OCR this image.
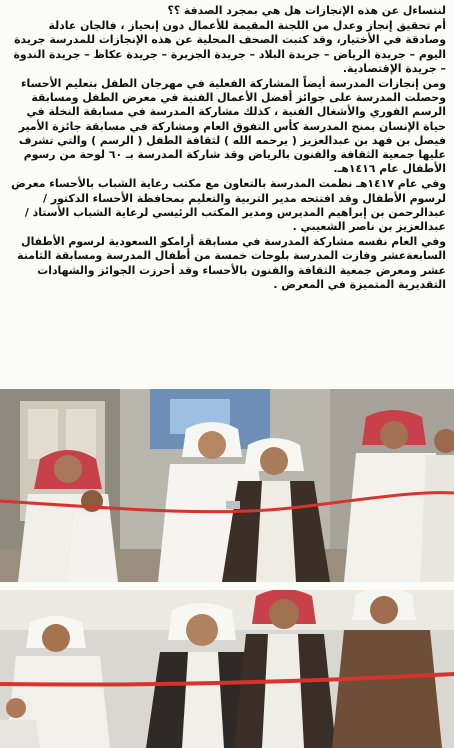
لنتساءل عن هذه الإنجازات هل هي بمجرد الصدفة ؟؟

أم تحقيق إنجاز وعدل من اللجنة المقيمة للأعمال دون إنحياز ، فالجان عادلة وصادقة في الأختيار، وقد كتبت الصحف المحلية عن هذه الإنجازات للمدرسة جريدة اليوم – جريدة الرياض – جريدة البلاد – جريدة الجزيرة – جريدة عكاظ – جريدة الندوة – جريدة الإقتصادية.

ومن إنجازات المدرسة أيضاً المشاركة الفعلية في مهرجان الطفل بتعليم الأحساء وحصلت المدرسة على جوائز أفضل الأعمال الفنية في معرض الطفل ومسابقة الرسم الفوري والأشغال الفنية ، كذلك مشاركة المدرسة في مسابقة النخلة في حياة الإنسان بمنح المدرسة كأس التفوق العام ومشاركة في مسابقة جائزة الأمير فيصل بن فهد بن عبدالعزيز ( يرحمه الله ) لثقافة الطفل ( الرسم ) والتي تشرف عليها جمعية الثقافة والفنون بالرياض وقد شاركة المدرسة بـ ٦٠ لوحة من رسوم الأطفال عام ١٤١٦هـ.

وفي عام ١٤١٧هـ نظمت المدرسة بالتعاون مع مكتب رعاية الشباب بالأحساء معرض لرسوم الأطفال وقد افتتحه مدير التربية والتعليم بمحافظة الأحساء الدكتور / عبدالرحمن بن إبراهيم المديرس ومدير المكتب الرئيسي لرعاية الشباب الأستاذ /عبدالعزيز بن ناصر الشعيبي .

وفي العام نفسه مشاركة المدرسة في مسابقة أرامكو السعودية لرسوم الأطفال السابعةعشر وفازت المدرسة بلوحات خمسة من أطفال المدرسة ومسابقة الثامنة عشر ومعرض جمعية الثقافة والفنون بالأحساء وقد أحرزت الجوائز والشهادات التقديرية المتميزة في المعرض .
